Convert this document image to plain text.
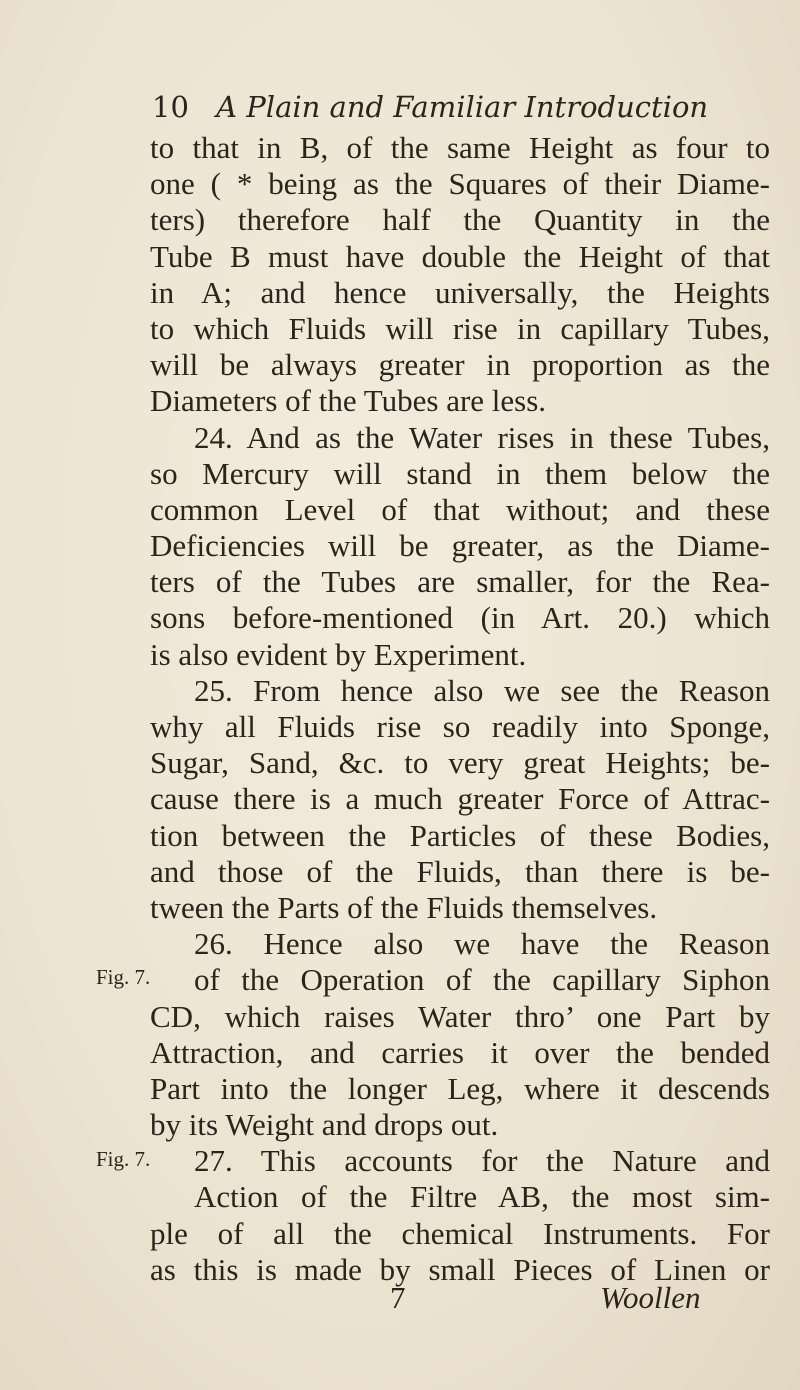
10 A Plain and Familiar Introduction
to that in B, of the same Height as four to
one ( * being as the Squares of their Diame-
ters) therefore half the Quantity in the
Tube B must have double the Height of that
in A; and hence universally, the Heights
to which Fluids will rise in capillary Tubes,
will be always greater in proportion as the
Diameters of the Tubes are less.
24. And as the Water rises in these Tubes,
so Mercury will stand in them below the
common Level of that without; and these
Deficiencies will be greater, as the Diame-
ters of the Tubes are smaller, for the Rea-
sons before-mentioned (in Art. 20.) which
is also evident by Experiment.
25. From hence also we see the Reason
why all Fluids rise so readily into Sponge,
Sugar, Sand, &c. to very great Heights; be-
cause there is a much greater Force of Attrac-
tion between the Particles of these Bodies,
and those of the Fluids, than there is be-
tween the Parts of the Fluids themselves.
26. Hence also we have the Reason
of the Operation of the capillary Siphon
CD, which raises Water thro’ one Part by
Attraction, and carries it over the bended
Part into the longer Leg, where it descends
by its Weight and drops out.
27. This accounts for the Nature and
Action of the Filtre AB, the most sim-
ple of all the chemical Instruments. For
as this is made by small Pieces of Linen or
Fig. 7.
Fig. 7.
7	Woollen
